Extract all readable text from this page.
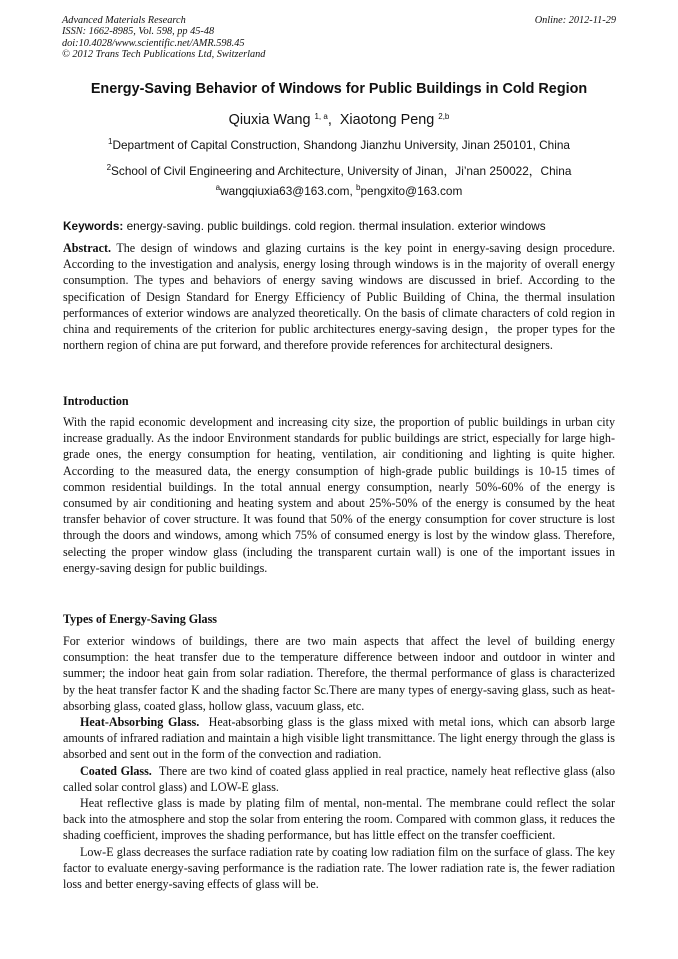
Advanced Materials Research
ISSN: 1662-8985, Vol. 598, pp 45-48
doi:10.4028/www.scientific.net/AMR.598.45
© 2012 Trans Tech Publications Ltd, Switzerland
Online: 2012-11-29
Energy-Saving Behavior of Windows for Public Buildings in Cold Region
Qiuxia Wang $^{1, a}$,  Xiaotong Peng $^{2,b}$
$^1$Department of Capital Construction, Shandong Jianzhu University, Jinan 250101, China
$^2$School of Civil Engineering and Architecture, University of Jinan，Ji’nan 250022，China
$^a$wangqiuxia63@163.com, $^b$pengxito@163.com
Keywords: energy-saving. public buildings. cold region. thermal insulation. exterior windows
Abstract. The design of windows and glazing curtains is the key point in energy-saving design procedure. According to the investigation and analysis, energy losing through windows is in the majority of overall energy consumption. The types and behaviors of energy saving windows are discussed in brief. According to the specification of Design Standard for Energy Efficiency of Public Building of China, the thermal insulation performances of exterior windows are analyzed theoretically. On the basis of climate characters of cold region in china and requirements of the criterion for public architectures energy-saving design，the proper types for the northern region of china are put forward, and therefore provide references for architectural designers.
Introduction
With the rapid economic development and increasing city size, the proportion of public buildings in urban city increase gradually. As the indoor Environment standards for public buildings are strict, especially for large high-grade ones, the energy consumption for heating, ventilation, air conditioning and lighting is quite higher. According to the measured data, the energy consumption of high-grade public buildings is 10-15 times of common residential buildings. In the total annual energy consumption, nearly 50%-60% of the energy is consumed by air conditioning and heating system and about 25%-50% of the energy is consumed by the heat transfer behavior of cover structure. It was found that 50% of the energy consumption for cover structure is lost through the doors and windows, among which 75% of consumed energy is lost by the window glass. Therefore, selecting the proper window glass (including the transparent curtain wall) is one of the important issues in energy-saving design for public buildings.
Types of Energy-Saving Glass

For exterior windows of buildings, there are two main aspects that affect the level of building energy consumption: the heat transfer due to the temperature difference between indoor and outdoor in winter and summer; the indoor heat gain from solar radiation. Therefore, the thermal performance of glass is characterized by the heat transfer factor K and the shading factor Sc.There are many types of energy-saving glass, such as heat-absorbing glass, coated glass, hollow glass, vacuum glass, etc.

Heat-Absorbing Glass.  Heat-absorbing glass is the glass mixed with metal ions, which can absorb large amounts of infrared radiation and maintain a high visible light transmittance. The light energy through the glass is absorbed and sent out in the form of the convection and radiation.

Coated Glass.  There are two kind of coated glass applied in real practice, namely heat reflective glass (also called solar control glass) and LOW-E glass.

Heat reflective glass is made by plating film of mental, non-mental. The membrane could reflect the solar back into the atmosphere and stop the solar from entering the room. Compared with common glass, it reduces the shading coefficient, improves the shading performance, but has little effect on the transfer coefficient.

Low-E glass decreases the surface radiation rate by coating low radiation film on the surface of glass. The key factor to evaluate energy-saving performance is the radiation rate. The lower radiation rate is, the fewer radiation loss and better energy-saving effects of glass will be.
